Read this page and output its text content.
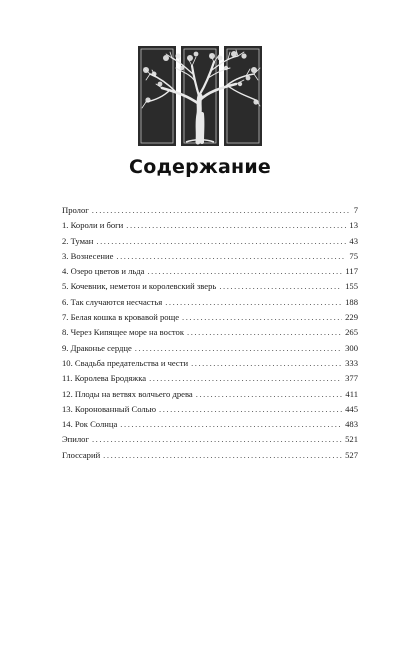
Содержание
Пролог . . .	7
1. Короли и боги . . .	13
2. Туман . . .	43
3. Вознесение . . .	75
4. Озеро цветов и льда . . .	117
5. Кочевник, неметон и королевский зверь . . .	155
6. Так случаются несчастья . . .	188
7. Белая кошка в кровавой роще . . .	229
8. Через Кипящее море на восток . . .	265
9. Драконье сердце . . .	300
10. Свадьба предательства и чести . . .	333
11. Королева Бродяжка . . .	377
12. Плоды на ветвях волчьего древа . . .	411
13. Коронованный Солью . . .	445
14. Рок Солнца . . .	483
Эпилог . . .	521
Глоссарий . . .	527
